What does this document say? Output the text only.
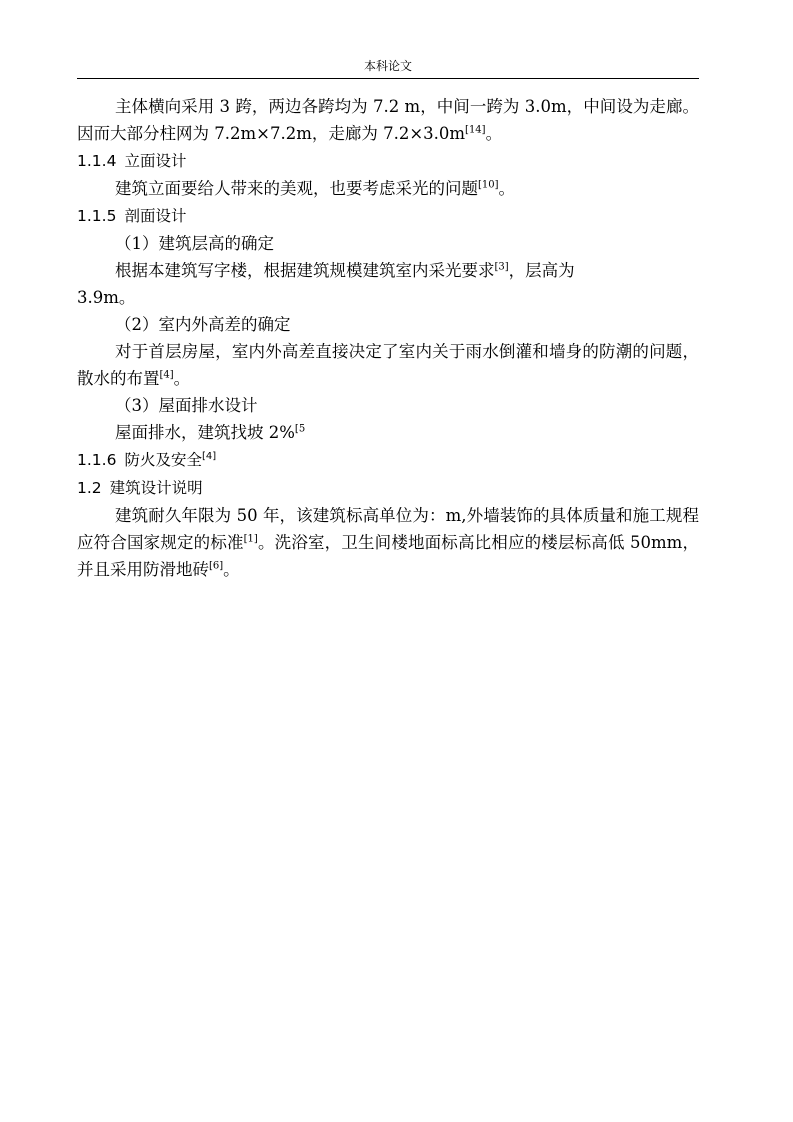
本科论文

主体横向采用 3 跨，两边各跨均为 7.2 m，中间一跨为 3.0m，中间设为走廊。因而大部分柱网为 7.2m×7.2m，走廊为 7.2×3.0m[14]。

1.1.4 立面设计

建筑立面要给人带来的美观，也要考虑采光的问题[10]。

1.1.5 剖面设计

（1）建筑层高的确定

根据本建筑写字楼，根据建筑规模建筑室内采光要求[3]，层高为

3.9m。

（2）室内外高差的确定

对于首层房屋，室内外高差直接决定了室内关于雨水倒灌和墙身的防潮的问题，散水的布置[4]。

（3）屋面排水设计

屋面排水，建筑找坡 2%$^{[5}$

1.1.6 防火及安全[4]

1.2 建筑设计说明

建筑耐久年限为 50 年，该建筑标高单位为：m,外墙装饰的具体质量和施工规程应符合国家规定的标准[1]。洗浴室，卫生间楼地面标高比相应的楼层标高低 50mm，并且采用防滑地砖[6]。
